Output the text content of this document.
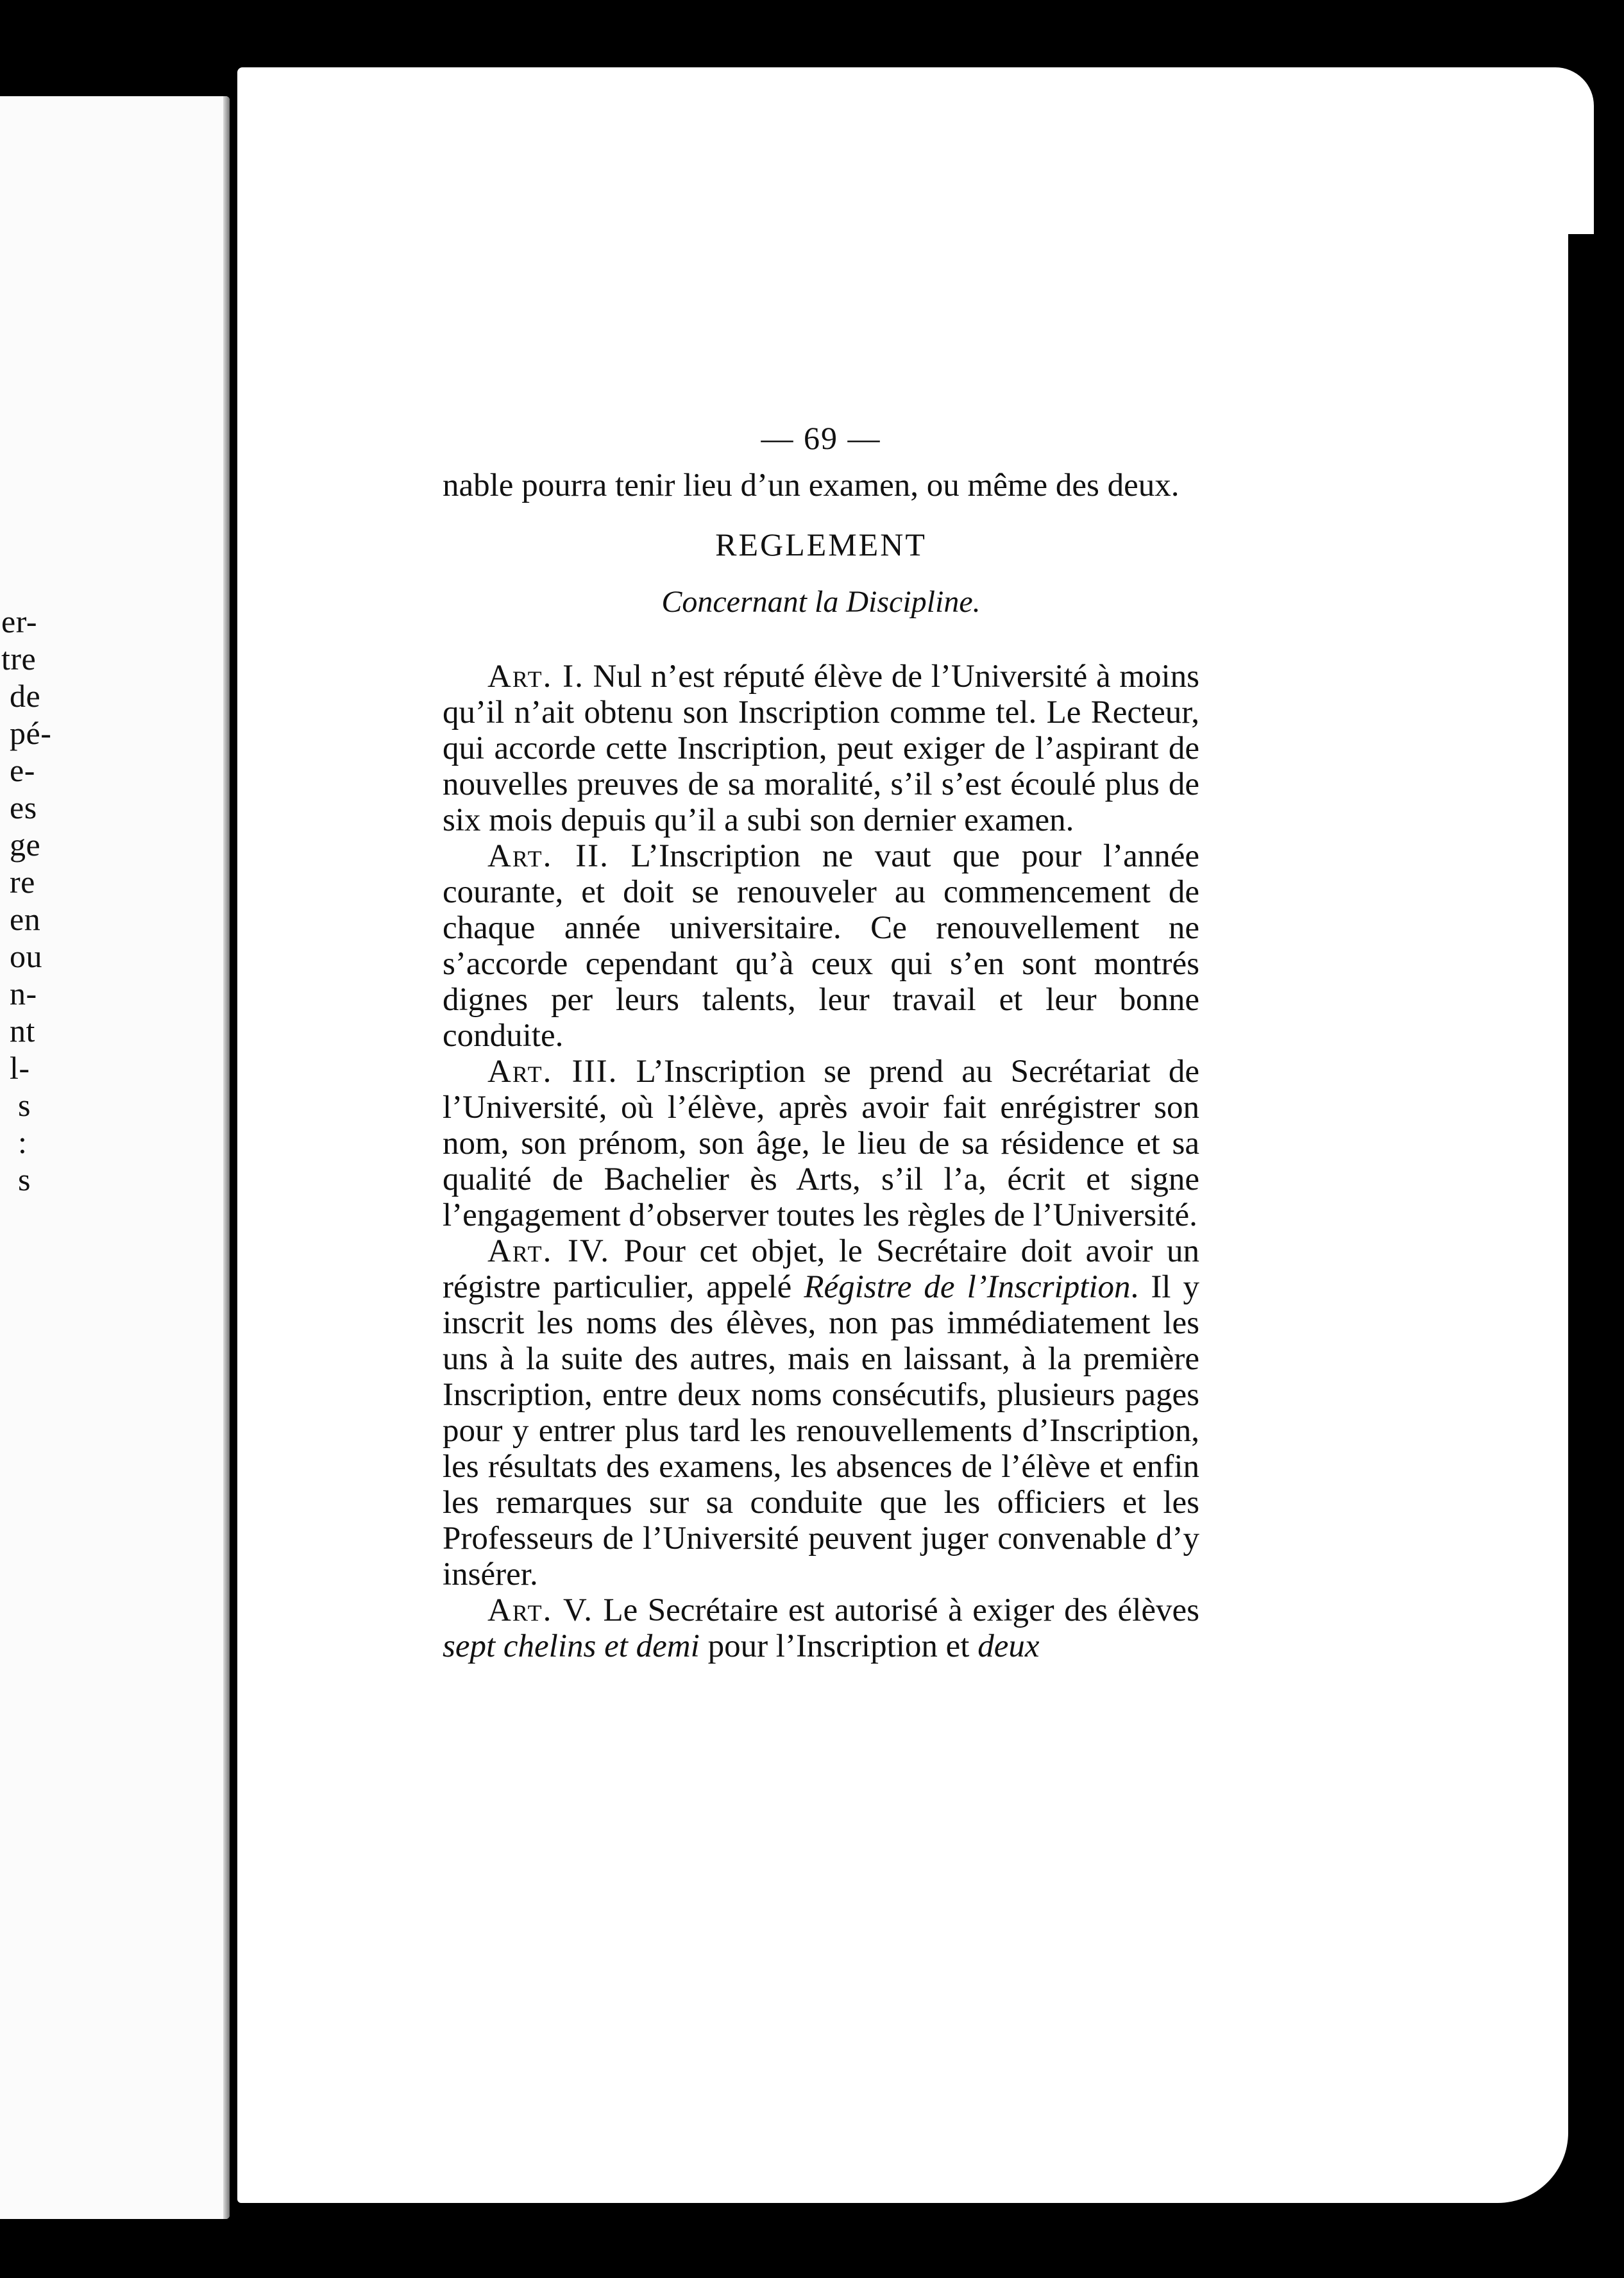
er-
tre
de
pé-
e-
es
ge
re
en
ou
n-
nt
l-
s
:
s
— 69 —

nable pourra tenir lieu d’un examen, ou même des deux.

REGLEMENT
Concernant la Discipline.

Art. I. Nul n’est réputé élève de l’Université à moins qu’il n’ait obtenu son Inscription comme tel. Le Recteur, qui accorde cette Inscription, peut exiger de l’aspirant de nouvelles preuves de sa moralité, s’il s’est écoulé plus de six mois depuis qu’il a subi son dernier examen.

Art. II. L’Inscription ne vaut que pour l’année courante, et doit se renouveler au commencement de chaque année universitaire. Ce renouvellement ne s’accorde cependant qu’à ceux qui s’en sont montrés dignes per leurs talents, leur travail et leur bonne conduite.

Art. III. L’Inscription se prend au Secrétariat de l’Université, où l’élève, après avoir fait enrégistrer son nom, son prénom, son âge, le lieu de sa résidence et sa qualité de Bachelier ès Arts, s’il l’a, écrit et signe l’engagement d’observer toutes les règles de l’Université.

Art. IV. Pour cet objet, le Secrétaire doit avoir un régistre particulier, appelé Régistre de l’Inscription. Il y inscrit les noms des élèves, non pas immédiatement les uns à la suite des autres, mais en laissant, à la première Inscription, entre deux noms consécutifs, plusieurs pages pour y entrer plus tard les renouvellements d’Inscription, les résultats des examens, les absences de l’élève et enfin les remarques sur sa conduite que les officiers et les Professeurs de l’Université peuvent juger convenable d’y insérer.

Art. V. Le Secrétaire est autorisé à exiger des élèves sept chelins et demi pour l’Inscription et deux
